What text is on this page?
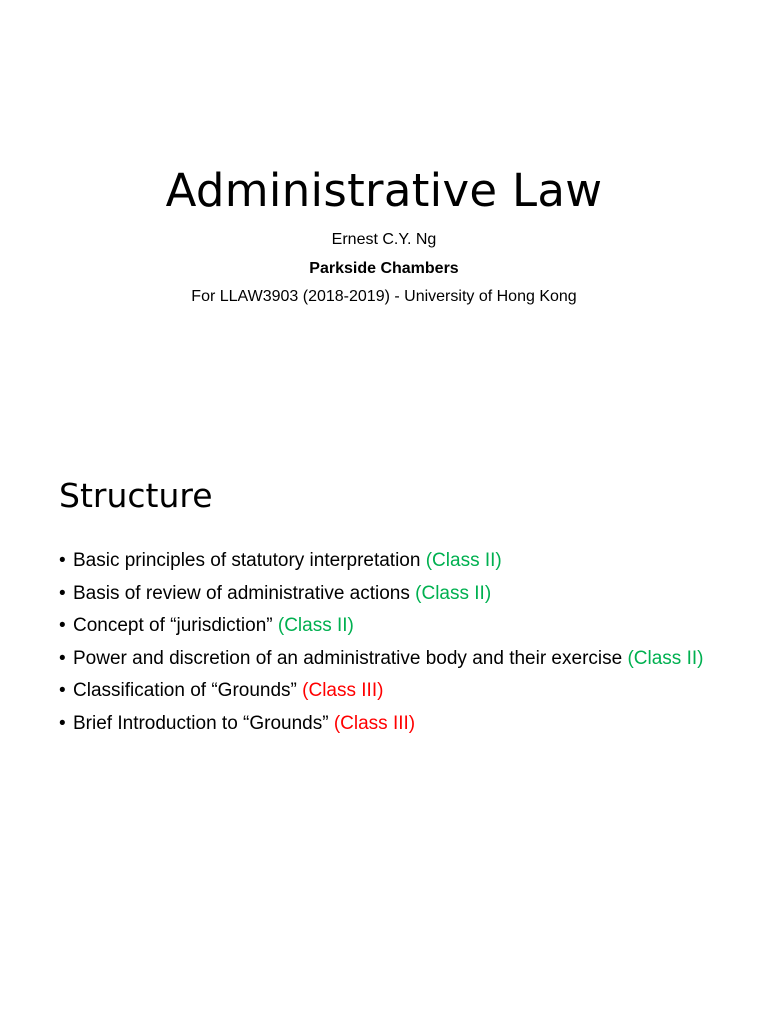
Administrative Law
Ernest C.Y. Ng
Parkside Chambers
For LLAW3903 (2018-2019) - University of Hong Kong
Structure
• Basic principles of statutory interpretation (Class II)
• Basis of review of administrative actions (Class II)
• Concept of “jurisdiction” (Class II)
• Power and discretion of an administrative body and their exercise (Class II)
• Classification of “Grounds” (Class III)
• Brief Introduction to “Grounds” (Class III)
